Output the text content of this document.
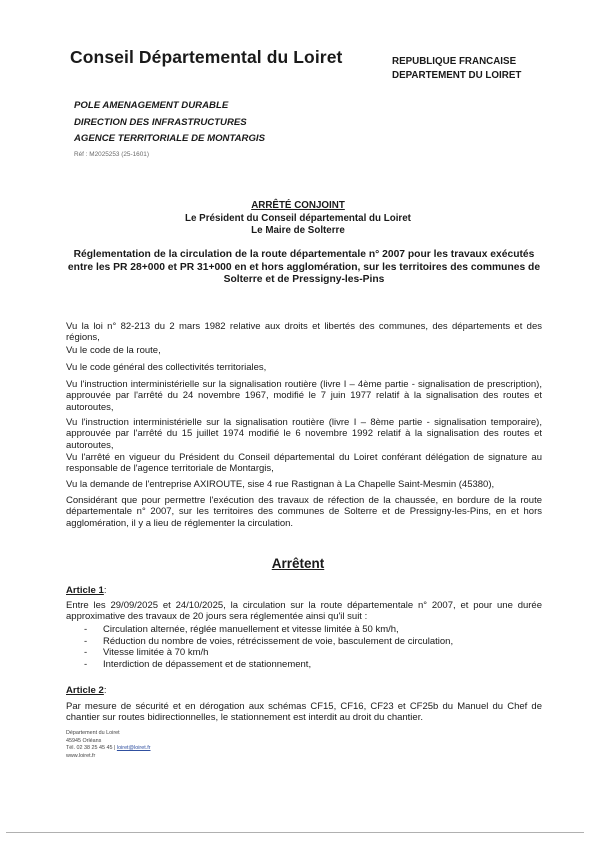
Conseil Départemental du Loiret	REPUBLIQUE FRANCAISE
DEPARTEMENT DU LOIRET
POLE AMENAGEMENT DURABLE
DIRECTION DES INFRASTRUCTURES
AGENCE TERRITORIALE DE MONTARGIS
Réf : M2025253 (25-1601)
ARRÊTÉ CONJOINT
Le Président du Conseil départemental du Loiret
Le Maire de Solterre
Réglementation de la circulation de la route départementale n° 2007 pour les travaux exécutés entre les PR 28+000 et PR 31+000 en et hors agglomération, sur les territoires des communes de Solterre et de Pressigny-les-Pins
Vu la loi n° 82-213 du 2 mars 1982 relative aux droits et libertés des communes, des départements et des régions,
Vu le code de la route,
Vu le code général des collectivités territoriales,
Vu l'instruction interministérielle sur la signalisation routière (livre I – 4ème partie - signalisation de prescription), approuvée par l'arrêté du 24 novembre 1967, modifié le 7 juin 1977 relatif à la signalisation des routes et autoroutes,
Vu l'instruction interministérielle sur la signalisation routière (livre I – 8ème partie - signalisation temporaire), approuvée par l'arrêté du 15 juillet 1974 modifié le 6 novembre 1992 relatif à la signalisation des routes et autoroutes,
Vu l'arrêté en vigueur du Président du Conseil départemental du Loiret conférant délégation de signature au responsable de l'agence territoriale de Montargis,
Vu la demande de l'entreprise AXIROUTE, sise 4 rue Rastignan à La Chapelle Saint-Mesmin (45380),
Considérant que pour permettre l'exécution des travaux de réfection de la chaussée, en bordure de la route départementale n° 2007, sur les territoires des communes de Solterre et de Pressigny-les-Pins, en et hors agglomération, il y a lieu de réglementer la circulation.
Arrêtent
Article 1:
Entre les 29/09/2025 et 24/10/2025, la circulation sur la route départementale n° 2007, et pour une durée approximative des travaux de 20 jours sera réglementée ainsi qu'il suit :
- Circulation alternée, réglée manuellement et vitesse limitée à 50 km/h,
- Réduction du nombre de voies, rétrécissement de voie, basculement de circulation,
- Vitesse limitée à 70 km/h
- Interdiction de dépassement et de stationnement,
Article 2:
Par mesure de sécurité et en dérogation aux schémas CF15, CF16, CF23 et CF25b du Manuel du Chef de chantier sur routes bidirectionnelles, le stationnement est interdit au droit du chantier.
Département du Loiret
45945 Orléans
Tél. 02 38 25 45 45 | loiret@loiret.fr
www.loiret.fr
